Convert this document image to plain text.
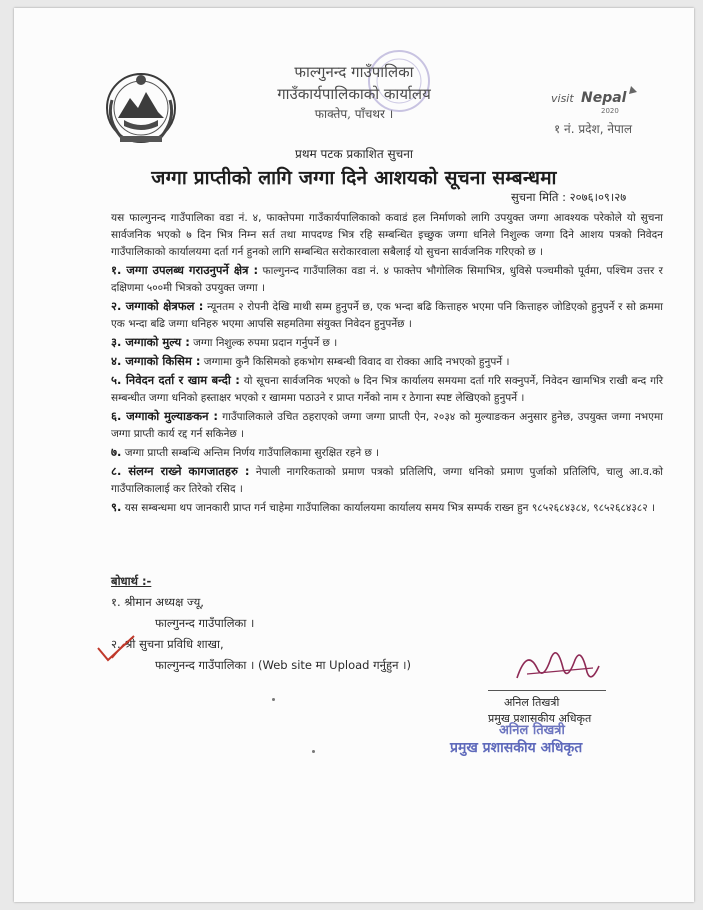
फाल्गुनन्द गाउँपालिका
गाउँकार्यपालिकाको कार्यालय
फाक्तेप, पाँचथर ।
visit Nepal
2020
१ नं. प्रदेश, नेपाल
प्रथम पटक प्रकाशित सुचना
जग्गा प्राप्तीको लागि जग्गा दिने आशयको सूचना सम्बन्धमा
सुचना मिति : २०७६।०९।२७

यस फाल्गुनन्द गाउँपालिका वडा नं. ४, फाक्तेपमा गाउँकार्यपालिकाको कवाडं हल निर्माणको लागि उपयुक्त जग्गा आवश्यक परेकोले यो सुचना सार्वजनिक भएको ७ दिन भित्र निम्न सर्त तथा मापदण्ड भित्र रहि सम्बन्धित इच्छुक जग्गा धनिले निशुल्क जग्गा दिने आशय पत्रको निवेदन गाउँपालिकाको कार्यालयमा दर्ता गर्न हुनको लागि सम्बन्धित सरोकारवाला सबैलाई यो सुचना सार्वजनिक गरिएको छ ।

१. जग्गा उपलब्ध गराउनुपर्ने क्षेत्र : फाल्गुनन्द गाउँपालिका वडा नं. ४ फाक्तेप भौगोलिक सिमाभित्र, धुविसे पञ्चमीको पूर्वमा, पश्चिम उत्तर र दक्षिणमा ५००मी भित्रको उपयुक्त जग्गा ।

२. जग्गाको क्षेत्रफल : न्यूनतम २ रोपनी देखि माथी सम्म हुनुपर्ने छ, एक भन्दा बढि कित्ताहरु भएमा पनि कित्ताहरु जोडिएको हुनुपर्ने र सो क्रममा एक भन्दा बढि जग्गा धनिहरु भएमा आपसि सहमतिमा संयुक्त निवेदन हुनुपर्नेछ ।

३. जग्गाको मुल्य : जग्गा निशुल्क रुपमा प्रदान गर्नुपर्ने छ ।

४. जग्गाको किसिम : जग्गामा कुनै किसिमको हकभोग सम्बन्धी विवाद वा रोक्का आदि नभएको हुनुपर्ने ।

५. निवेदन दर्ता र खाम बन्दी : यो सूचना सार्वजनिक भएको ७ दिन भित्र कार्यालय समयमा दर्ता गरि सक्नुपर्ने, निवेदन खामभित्र राखी बन्द गरि सम्बन्धीत जग्गा धनिको हस्ताक्षर भएको र खाममा पठाउने र प्राप्त गर्नेको नाम र ठेगाना स्पष्ट लेखिएको हुनुपर्ने ।

६. जग्गाको मुल्याङकन : गाउँपालिकाले उचित ठहराएको जग्गा जग्गा प्राप्ती ऐन, २०३४ को मुल्याङकन अनुसार हुनेछ, उपयुक्त जग्गा नभएमा जग्गा प्राप्ती कार्य रद्द गर्न सकिनेछ ।

७. जग्गा प्राप्ती सम्बन्धि अन्तिम निर्णय गाउँपालिकामा सुरक्षित रहने छ ।

८. संलग्न राख्ने कागजातहरु : नेपाली नागरिकताको प्रमाण पत्रको प्रतिलिपि, जग्गा धनिको प्रमाण पुर्जाको प्रतिलिपि, चालु आ.व.को गाउँपालिकालाई कर तिरेको रसिद ।

९. यस सम्बन्धमा थप जानकारी प्राप्त गर्न चाहेमा गाउँपालिका कार्यालयमा कार्यालय समय भित्र सम्पर्क राख्न हुन ९८५२६८४३८४, ९८५२६८४३८२ ।

बोधार्थ :-
१. श्रीमान अध्यक्ष ज्यू,
फाल्गुनन्द गाउँपालिका ।
२. श्री सुचना प्रविधि शाखा,
फाल्गुनन्द गाउँपालिका । (Web site मा Upload गर्नुहुन ।)
अनिल तिखत्री
प्रमुख प्रशासकीय अधिकृत
अनिल तिखत्री
प्रमुख प्रशासकीय अधिकृत
